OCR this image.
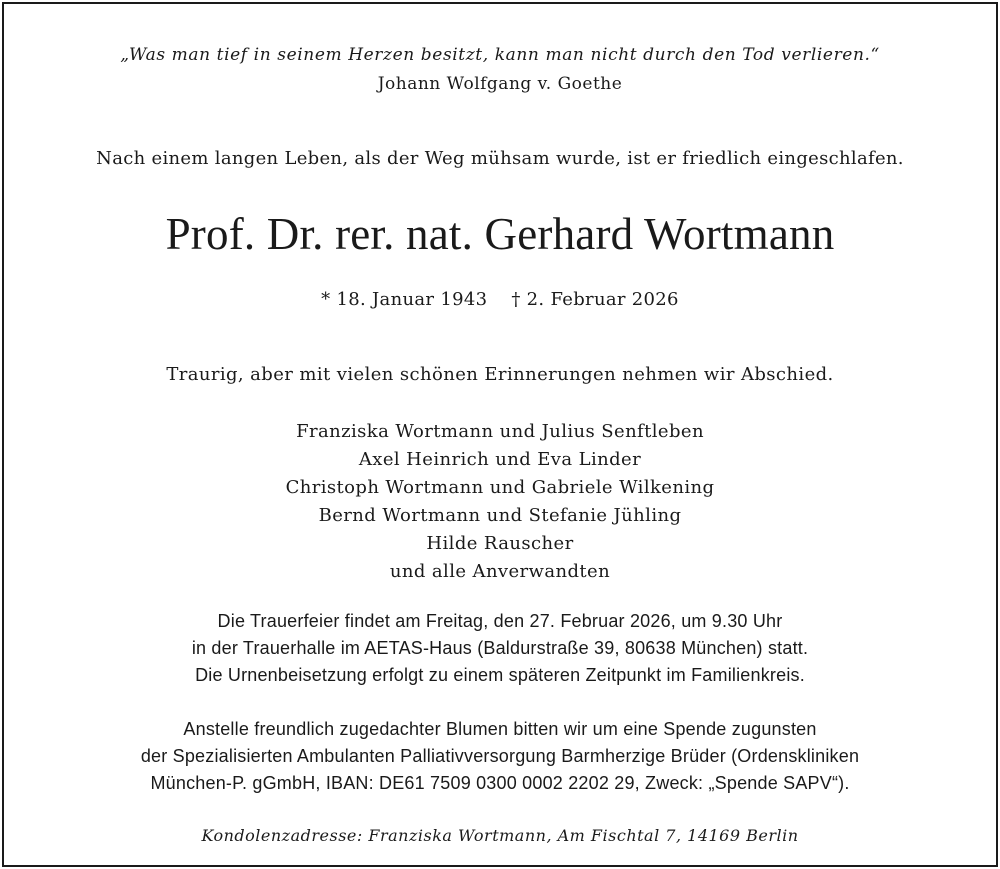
„Was man tief in seinem Herzen besitzt, kann man nicht durch den Tod verlieren.“
Johann Wolfgang v. Goethe
Nach einem langen Leben, als der Weg mühsam wurde, ist er friedlich eingeschlafen.
Prof. Dr. rer. nat. Gerhard Wortmann
* 18. Januar 1943 † 2. Februar 2026
Traurig, aber mit vielen schönen Erinnerungen nehmen wir Abschied.
Franziska Wortmann und Julius Senftleben
Axel Heinrich und Eva Linder
Christoph Wortmann und Gabriele Wilkening
Bernd Wortmann und Stefanie Jühling
Hilde Rauscher
und alle Anverwandten
Die Trauerfeier findet am Freitag, den 27. Februar 2026, um 9.30 Uhr
in der Trauerhalle im AETAS-Haus (Baldurstraße 39, 80638 München) statt.
Die Urnenbeisetzung erfolgt zu einem späteren Zeitpunkt im Familienkreis.
Anstelle freundlich zugedachter Blumen bitten wir um eine Spende zugunsten
der Spezialisierten Ambulanten Palliativversorgung Barmherzige Brüder (Ordenskliniken
München-P. gGmbH, IBAN: DE61 7509 0300 0002 2202 29, Zweck: „Spende SAPV“).
Kondolenzadresse: Franziska Wortmann, Am Fischtal 7, 14169 Berlin
